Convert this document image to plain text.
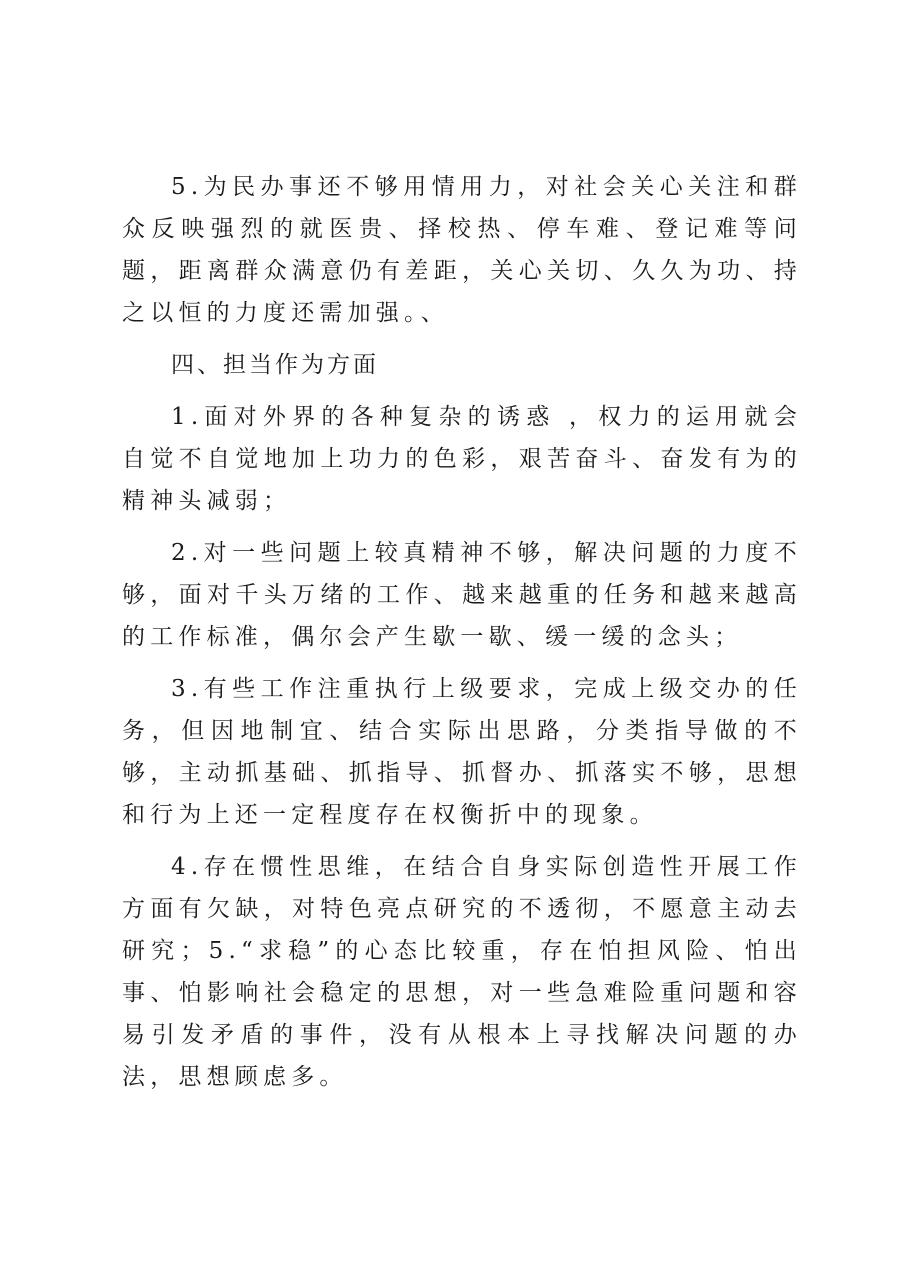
5.为民办事还不够用情用力，对社会关心关注和群众反映强烈的就医贵、择校热、停车难、登记难等问题，距离群众满意仍有差距，关心关切、久久为功、持之以恒的力度还需加强。、

四、担当作为方面

1.面对外界的各种复杂的诱惑 ，权力的运用就会自觉不自觉地加上功力的色彩，艰苦奋斗、奋发有为的精神头减弱；

2.对一些问题上较真精神不够，解决问题的力度不够，面对千头万绪的工作、越来越重的任务和越来越高的工作标准，偶尔会产生歇一歇、缓一缓的念头；

3.有些工作注重执行上级要求，完成上级交办的任务，但因地制宜、结合实际出思路，分类指导做的不够，主动抓基础、抓指导、抓督办、抓落实不够，思想和行为上还一定程度存在权衡折中的现象。

4.存在惯性思维，在结合自身实际创造性开展工作方面有欠缺，对特色亮点研究的不透彻，不愿意主动去研究；5.“求稳”的心态比较重，存在怕担风险、怕出事、怕影响社会稳定的思想，对一些急难险重问题和容易引发矛盾的事件，没有从根本上寻找解决问题的办法，思想顾虑多。
